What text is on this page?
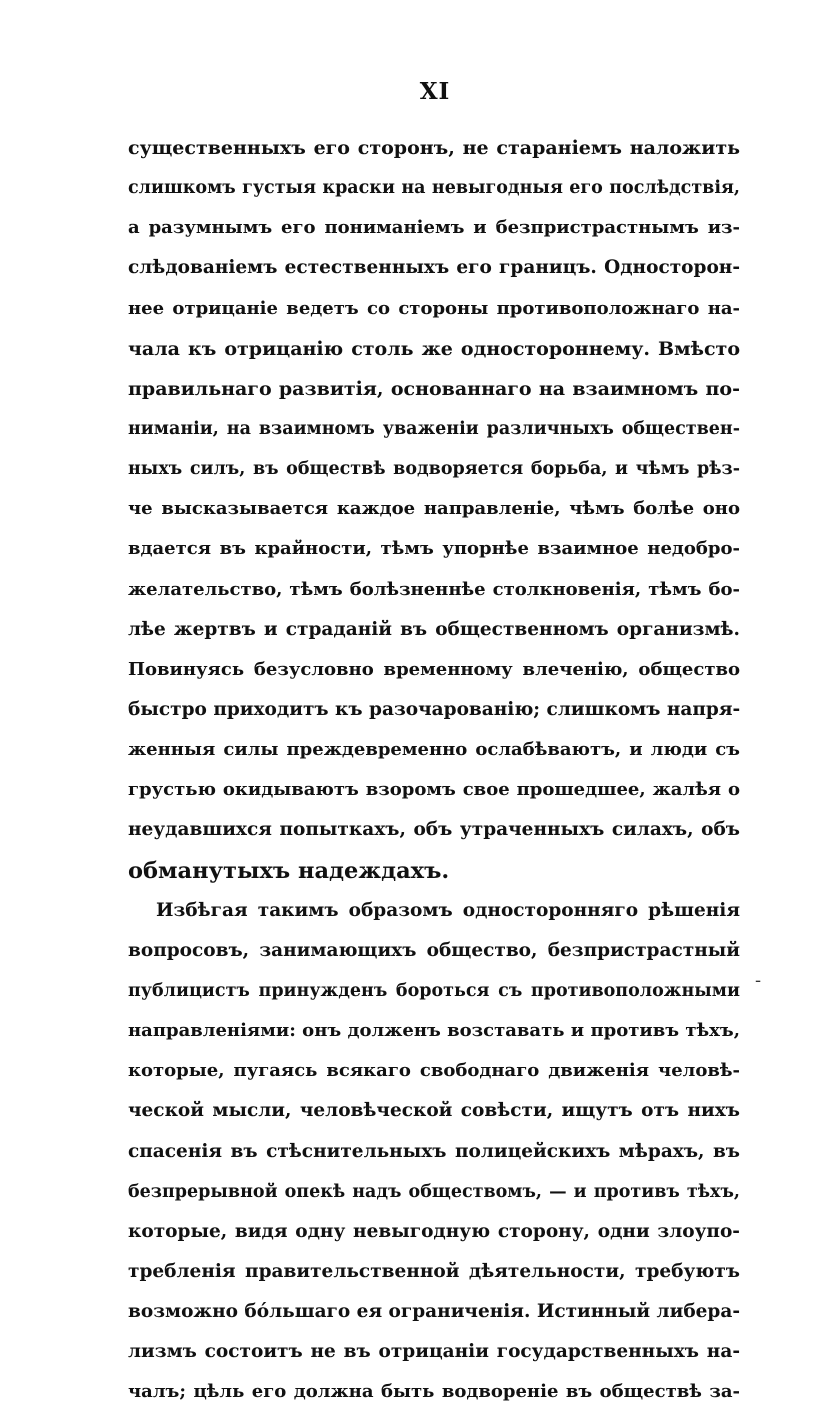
XI
существенныхъ его сторонъ, не стараніемъ наложить
слишкомъ густыя краски на невыгодныя его послѣдствія,
а разумнымъ его пониманіемъ и безпристрастнымъ из-
слѣдованіемъ естественныхъ его границъ. Односторон-
нее отрицаніе ведетъ со стороны противоположнаго на-
чала къ отрицанію столь же одностороннему. Вмѣсто
правильнаго развитія, основаннаго на взаимномъ по-
ниманіи, на взаимномъ уваженіи различныхъ обществен-
ныхъ силъ, въ обществѣ водворяется борьба, и чѣмъ рѣз-
че высказывается каждое направленіе, чѣмъ болѣе оно
вдается въ крайности, тѣмъ упорнѣе взаимное недобро-
желательство, тѣмъ болѣзненнѣе столкновенія, тѣмъ бо-
лѣе жертвъ и страданій въ общественномъ организмѣ.
Повинуясь безусловно временному влеченію, общество
быстро приходитъ къ разочарованію; слишкомъ напря-
женныя силы преждевременно ослабѣваютъ, и люди съ
грустью окидываютъ взоромъ свое прошедшее, жалѣя о
неудавшихся попыткахъ, объ утраченныхъ силахъ, объ
обманутыхъ надеждахъ.
Избѣгая такимъ образомъ односторонняго рѣшенія
вопросовъ, занимающихъ общество, безпристрастный
публицистъ принужденъ бороться съ противоположными
направленіями: онъ долженъ возставать и противъ тѣхъ,
которые, пугаясь всякаго свободнаго движенія человѣ-
ческой мысли, человѣческой совѣсти, ищутъ отъ нихъ
спасенія въ стѣснительныхъ полицейскихъ мѣрахъ, въ
безпрерывной опекѣ надъ обществомъ, — и противъ тѣхъ,
которые, видя одну невыгодную сторону, одни злоупо-
требленія правительственной дѣятельности, требуютъ
возможно бóльшаго ея ограниченія. Истинный либера-
лизмъ состоитъ не въ отрицаніи государственныхъ на-
чалъ; цѣль его должна быть водвореніе въ обществѣ за-
-
